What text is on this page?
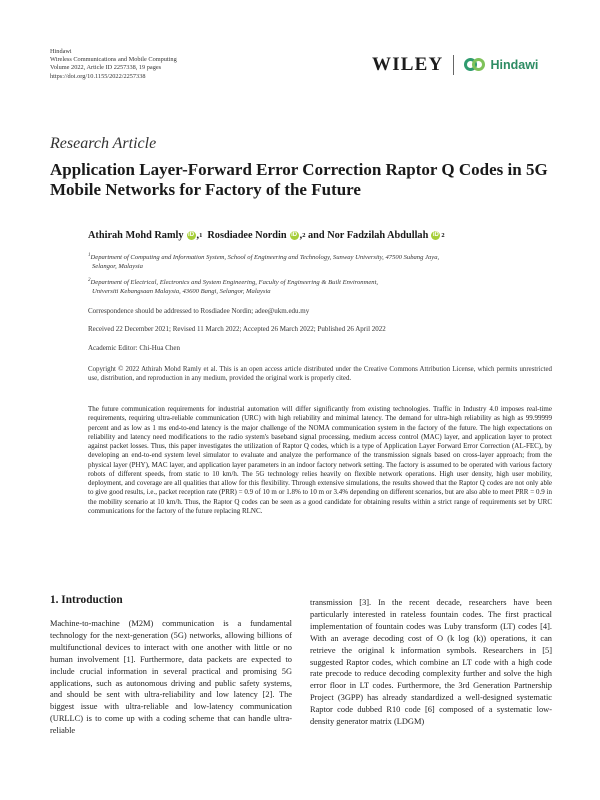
Hindawi
Wireless Communications and Mobile Computing
Volume 2022, Article ID 2257338, 19 pages
https://doi.org/10.1155/2022/2257338
WILEY	Hindawi
Research Article
Application Layer-Forward Error Correction Raptor Q Codes in 5G Mobile Networks for Factory of the Future
Athirah Mohd Ramly iD , 1 Rosdiadee Nordin iD , 2 and Nor Fadzilah Abdullah iD 2
$^1$Department of Computing and Information System, School of Engineering and Technology, Sunway University, 47500 Subang Jaya,
Selangor, Malaysia
$^2$Department of Electrical, Electronics and System Engineering, Faculty of Engineering & Built Environment,
Universiti Kebangsaan Malaysia, 43600 Bangi, Selangor, Malaysia
Correspondence should be addressed to Rosdiadee Nordin; adee@ukm.edu.my
Received 22 December 2021; Revised 11 March 2022; Accepted 26 March 2022; Published 26 April 2022
Academic Editor: Chi-Hua Chen
Copyright © 2022 Athirah Mohd Ramly et al. This is an open access article distributed under the Creative Commons Attribution License, which permits unrestricted use, distribution, and reproduction in any medium, provided the original work is properly cited.
The future communication requirements for industrial automation will differ significantly from existing technologies. Traffic in Industry 4.0 imposes real-time requirements, requiring ultra-reliable communication (URC) with high reliability and minimal latency. The demand for ultra-high reliability as high as 99.99999 percent and as low as 1 ms end-to-end latency is the major challenge of the NOMA communication system in the factory of the future. The high expectations on reliability and latency need modifications to the radio system's baseband signal processing, medium access control (MAC) layer, and application layer to protect against packet losses. Thus, this paper investigates the utilization of Raptor Q codes, which is a type of Application Layer Forward Error Correction (AL-FEC), by developing an end-to-end system level simulator to evaluate and analyze the performance of the transmission signals based on cross-layer approach; from the physical layer (PHY), MAC layer, and application layer parameters in an indoor factory network setting. The factory is assumed to be operated with various factory robots of different speeds, from static to 10 km/h. The 5G technology relies heavily on flexible network operations. High user density, high user mobility, deployment, and coverage are all qualities that allow for this flexibility. Through extensive simulations, the results showed that the Raptor Q codes are not only able to give good results, i.e., packet reception rate (PRR) = 0.9 of 10 m or 1.8% to 10 m or 3.4% depending on different scenarios, but are also able to meet PRR = 0.9 in the mobility scenario at 10 km/h. Thus, the Raptor Q codes can be seen as a good candidate for obtaining results within a strict range of requirements set by URC communications for the factory of the future replacing RLNC.
1. Introduction
Machine-to-machine (M2M) communication is a fundamental technology for the next-generation (5G) networks, allowing billions of multifunctional devices to interact with one another with little or no human involvement [1]. Furthermore, data packets are expected to include crucial information in several practical and promising 5G applications, such as autonomous driving and public safety systems, and should be sent with ultra-reliability and low latency [2]. The biggest issue with ultra-reliable and low-latency communication (URLLC) is to come up with a coding scheme that can handle ultra-reliable
transmission [3]. In the recent decade, researchers have been particularly interested in rateless fountain codes. The first practical implementation of fountain codes was Luby transform (LT) codes [4]. With an average decoding cost of O (k log (k)) operations, it can retrieve the original k information symbols. Researchers in [5] suggested Raptor codes, which combine an LT code with a high code rate precode to reduce decoding complexity further and solve the high error floor in LT codes. Furthermore, the 3rd Generation Partnership Project (3GPP) has already standardized a well-designed systematic Raptor code dubbed R10 code [6] composed of a systematic low-density generator matrix (LDGM)
